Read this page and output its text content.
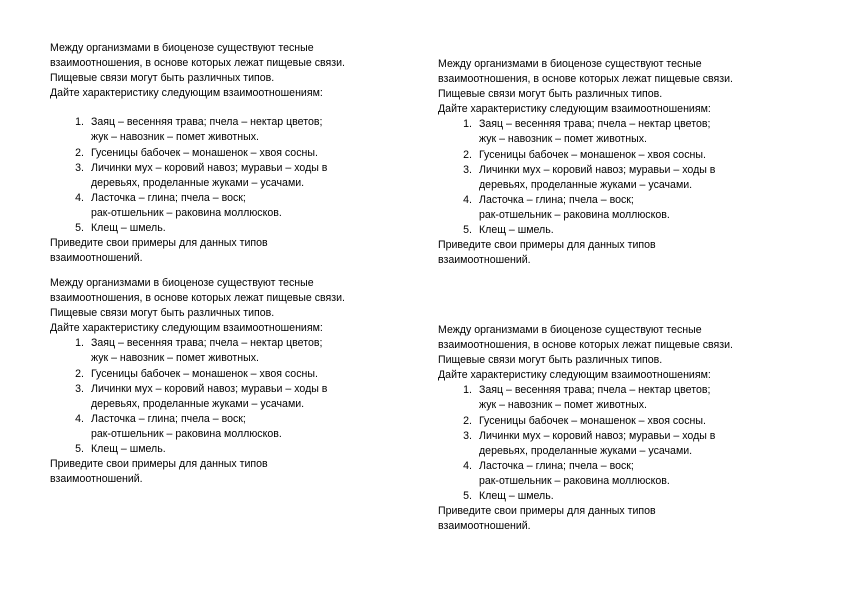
Между организмами в биоценозе существуют тесные

взаимоотношения, в основе которых лежат пищевые связи.

Пищевые связи могут быть различных типов.

Дайте характеристику следующим взаимоотношениям:

1. Заяц – весенняя трава; пчела – нектар цветов;
жук – навозник – помет животных.
2. Гусеницы бабочек – монашенок – хвоя сосны.
3. Личинки мух – коровий навоз; муравьи – ходы в
деревьях, проделанные жуками – усачами.
4. Ласточка – глина; пчела – воск;
рак-отшельник – раковина моллюсков.
5. Клещ – шмель.

Приведите свои примеры для данных типов

взаимоотношений.

Между организмами в биоценозе существуют тесные

взаимоотношения, в основе которых лежат пищевые связи.

Пищевые связи могут быть различных типов.

Дайте характеристику следующим взаимоотношениям:

1. Заяц – весенняя трава; пчела – нектар цветов;
жук – навозник – помет животных.
2. Гусеницы бабочек – монашенок – хвоя сосны.
3. Личинки мух – коровий навоз; муравьи – ходы в
деревьях, проделанные жуками – усачами.
4. Ласточка – глина; пчела – воск;
рак-отшельник – раковина моллюсков.
5. Клещ – шмель.

Приведите свои примеры для данных типов

взаимоотношений.

Между организмами в биоценозе существуют тесные

взаимоотношения, в основе которых лежат пищевые связи.

Пищевые связи могут быть различных типов.

Дайте характеристику следующим взаимоотношениям:

1. Заяц – весенняя трава; пчела – нектар цветов;
жук – навозник – помет животных.
2. Гусеницы бабочек – монашенок – хвоя сосны.
3. Личинки мух – коровий навоз; муравьи – ходы в
деревьях, проделанные жуками – усачами.
4. Ласточка – глина; пчела – воск;
рак-отшельник – раковина моллюсков.
5. Клещ – шмель.

Приведите свои примеры для данных типов

взаимоотношений.

Между организмами в биоценозе существуют тесные

взаимоотношения, в основе которых лежат пищевые связи.

Пищевые связи могут быть различных типов.

Дайте характеристику следующим взаимоотношениям:

1. Заяц – весенняя трава; пчела – нектар цветов;
жук – навозник – помет животных.
2. Гусеницы бабочек – монашенок – хвоя сосны.
3. Личинки мух – коровий навоз; муравьи – ходы в
деревьях, проделанные жуками – усачами.
4. Ласточка – глина; пчела – воск;
рак-отшельник – раковина моллюсков.
5. Клещ – шмель.

Приведите свои примеры для данных типов

взаимоотношений.
